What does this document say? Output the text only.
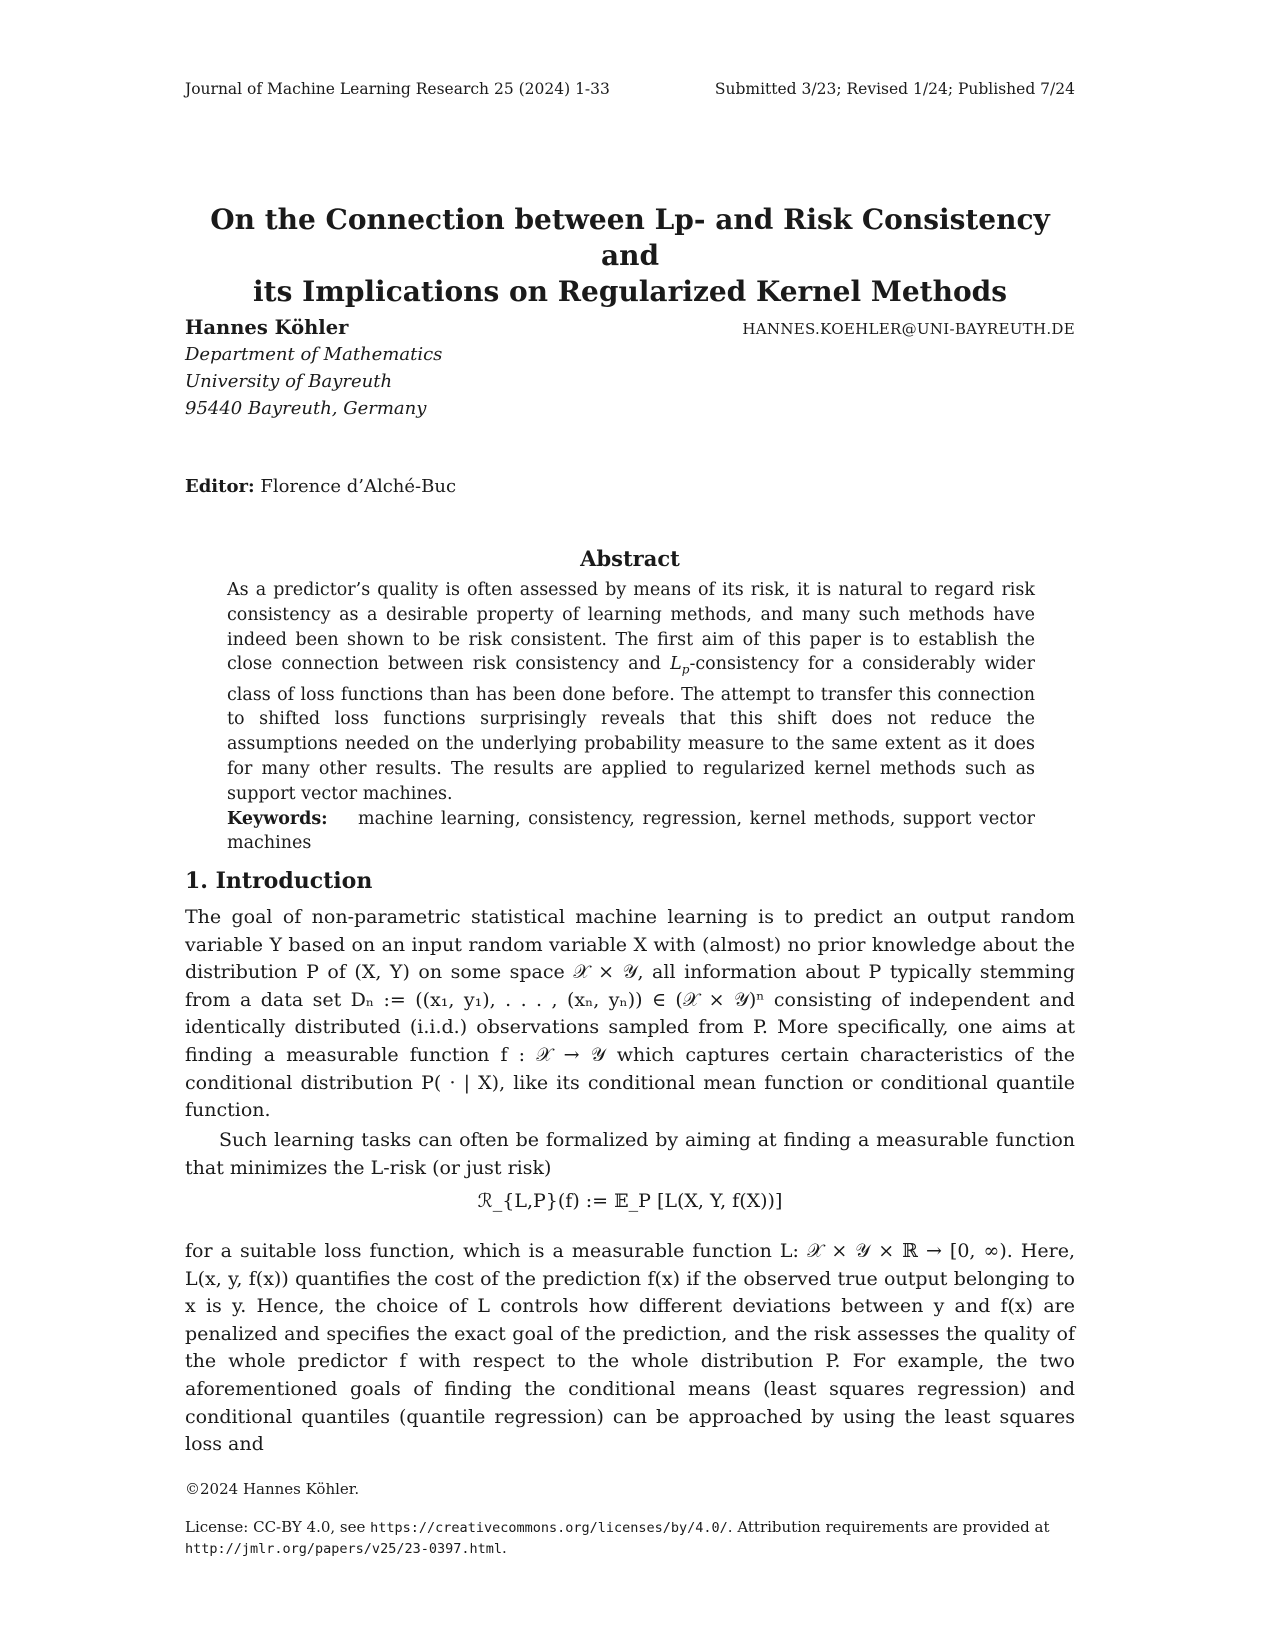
Journal of Machine Learning Research 25 (2024) 1-33	Submitted 3/23; Revised 1/24; Published 7/24
On the Connection between Lp- and Risk Consistency and
its Implications on Regularized Kernel Methods
Hannes Köhler	HANNES.KOEHLER@UNI-BAYREUTH.DE
Department of Mathematics
University of Bayreuth
95440 Bayreuth, Germany
Editor: Florence d’Alché-Buc
Abstract
As a predictor’s quality is often assessed by means of its risk, it is natural to regard risk consistency as a desirable property of learning methods, and many such methods have indeed been shown to be risk consistent. The first aim of this paper is to establish the close connection between risk consistency and $L_p$-consistency for a considerably wider class of loss functions than has been done before. The attempt to transfer this connection to shifted loss functions surprisingly reveals that this shift does not reduce the assumptions needed on the underlying probability measure to the same extent as it does for many other results. The results are applied to regularized kernel methods such as support vector machines.
Keywords: machine learning, consistency, regression, kernel methods, support vector machines
1. Introduction
The goal of non-parametric statistical machine learning is to predict an output random variable Y based on an input random variable X with (almost) no prior knowledge about the distribution P of (X, Y) on some space 𝒳 × 𝒴, all information about P typically stemming from a data set Dₙ := ((x₁, y₁), . . . , (xₙ, yₙ)) ∈ (𝒳 × 𝒴)ⁿ consisting of independent and identically distributed (i.i.d.) observations sampled from P. More specifically, one aims at finding a measurable function f : 𝒳 → 𝒴 which captures certain characteristics of the conditional distribution P( · | X), like its conditional mean function or conditional quantile function.
Such learning tasks can often be formalized by aiming at finding a measurable function that minimizes the L-risk (or just risk)
ℛ_{L,P}(f) := 𝔼_P [L(X, Y, f(X))]
for a suitable loss function, which is a measurable function L: 𝒳 × 𝒴 × ℝ → [0, ∞). Here, L(x, y, f(x)) quantifies the cost of the prediction f(x) if the observed true output belonging to x is y. Hence, the choice of L controls how different deviations between y and f(x) are penalized and specifies the exact goal of the prediction, and the risk assesses the quality of the whole predictor f with respect to the whole distribution P. For example, the two aforementioned goals of finding the conditional means (least squares regression) and conditional quantiles (quantile regression) can be approached by using the least squares loss and
©2024 Hannes Köhler.
License: CC-BY 4.0, see https://creativecommons.org/licenses/by/4.0/. Attribution requirements are provided at http://jmlr.org/papers/v25/23-0397.html.
